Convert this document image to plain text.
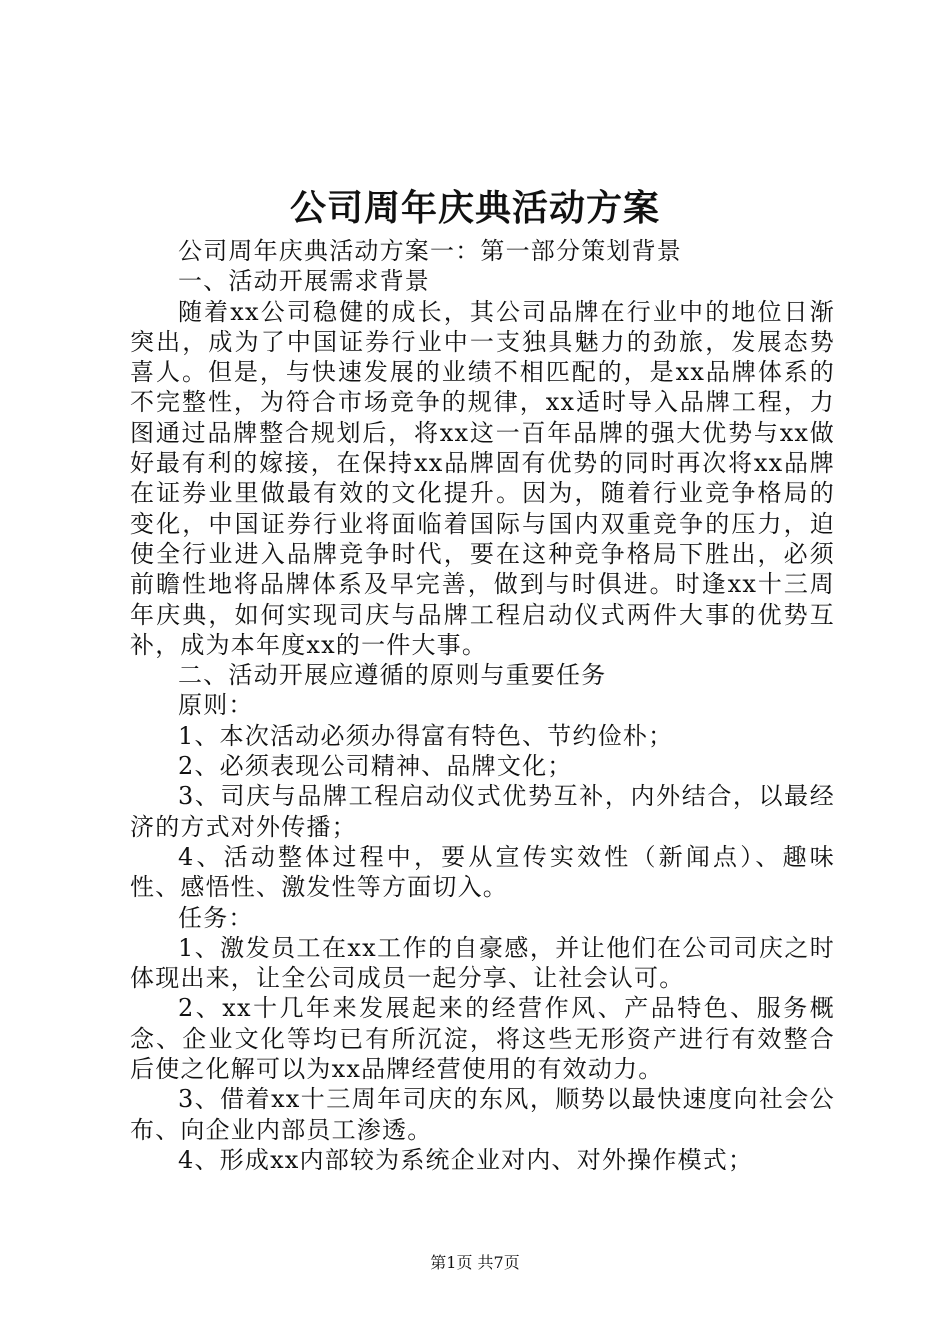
公司周年庆典活动方案

公司周年庆典活动方案一：第一部分策划背景

一、活动开展需求背景

随着xx公司稳健的成长，其公司品牌在行业中的地位日渐突出，成为了中国证券行业中一支独具魅力的劲旅，发展态势喜人。但是，与快速发展的业绩不相匹配的，是xx品牌体系的不完整性，为符合市场竞争的规律，xx适时导入品牌工程，力图通过品牌整合规划后，将xx这一百年品牌的强大优势与xx做好最有利的嫁接，在保持xx品牌固有优势的同时再次将xx品牌在证券业里做最有效的文化提升。因为，随着行业竞争格局的变化，中国证券行业将面临着国际与国内双重竞争的压力，迫使全行业进入品牌竞争时代，要在这种竞争格局下胜出，必须前瞻性地将品牌体系及早完善，做到与时俱进。时逢xx十三周年庆典，如何实现司庆与品牌工程启动仪式两件大事的优势互补，成为本年度xx的一件大事。

二、活动开展应遵循的原则与重要任务

原则：

1、本次活动必须办得富有特色、节约俭朴；

2、必须表现公司精神、品牌文化；

3、司庆与品牌工程启动仪式优势互补，内外结合，以最经济的方式对外传播；

4、活动整体过程中，要从宣传实效性（新闻点）、趣味性、感悟性、激发性等方面切入。

任务：

1、激发员工在xx工作的自豪感，并让他们在公司司庆之时体现出来，让全公司成员一起分享、让社会认可。

2、xx十几年来发展起来的经营作风、产品特色、服务概念、企业文化等均已有所沉淀，将这些无形资产进行有效整合后使之化解可以为xx品牌经营使用的有效动力。

3、借着xx十三周年司庆的东风，顺势以最快速度向社会公布、向企业内部员工渗透。

4、形成xx内部较为系统企业对内、对外操作模式；

第1页 共7页
